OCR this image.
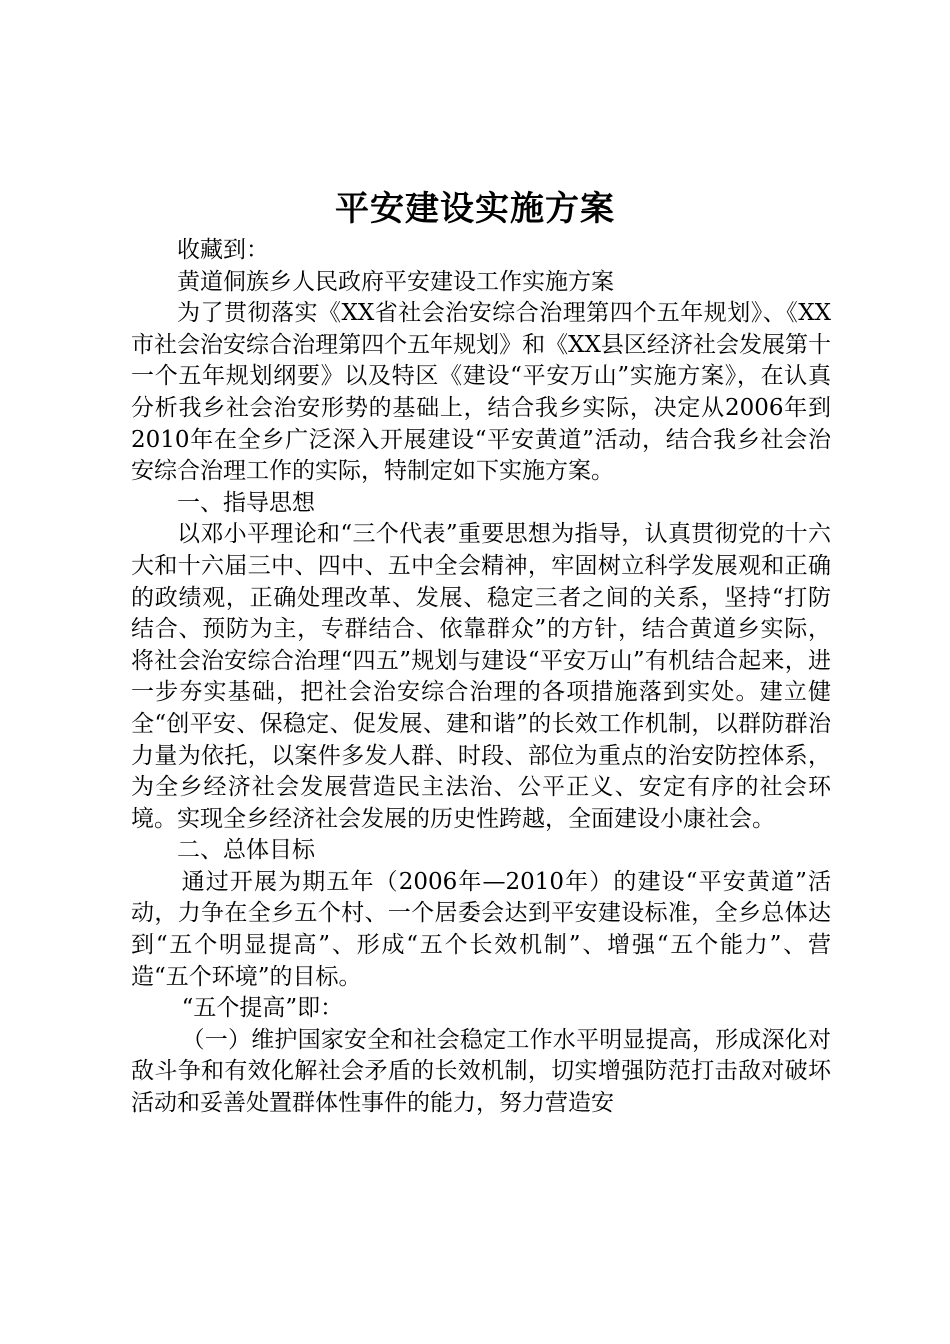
平安建设实施方案

收藏到：

黄道侗族乡人民政府平安建设工作实施方案

为了贯彻落实《XX省社会治安综合治理第四个五年规划》、《XX市社会治安综合治理第四个五年规划》和《XX县区经济社会发展第十一个五年规划纲要》以及特区《建设“平安万山”实施方案》，在认真分析我乡社会治安形势的基础上，结合我乡实际，决定从2006年到2010年在全乡广泛深入开展建设“平安黄道”活动，结合我乡社会治安综合治理工作的实际，特制定如下实施方案。

一、指导思想

以邓小平理论和“三个代表”重要思想为指导，认真贯彻党的十六大和十六届三中、四中、五中全会精神，牢固树立科学发展观和正确的政绩观，正确处理改革、发展、稳定三者之间的关系，坚持“打防结合、预防为主，专群结合、依靠群众”的方针，结合黄道乡实际，将社会治安综合治理“四五”规划与建设“平安万山”有机结合起来，进一步夯实基础，把社会治安综合治理的各项措施落到实处。建立健全“创平安、保稳定、促发展、建和谐”的长效工作机制，以群防群治力量为依托，以案件多发人群、时段、部位为重点的治安防控体系，为全乡经济社会发展营造民主法治、公平正义、安定有序的社会环境。实现全乡经济社会发展的历史性跨越，全面建设小康社会。

二、总体目标

通过开展为期五年（2006年—2010年）的建设“平安黄道”活动，力争在全乡五个村、一个居委会达到平安建设标准，全乡总体达到“五个明显提高”、形成“五个长效机制”、增强“五个能力”、营造“五个环境”的目标。

“五个提高”即：

（一）维护国家安全和社会稳定工作水平明显提高，形成深化对敌斗争和有效化解社会矛盾的长效机制，切实增强防范打击敌对破坏活动和妥善处置群体性事件的能力，努力营造安
